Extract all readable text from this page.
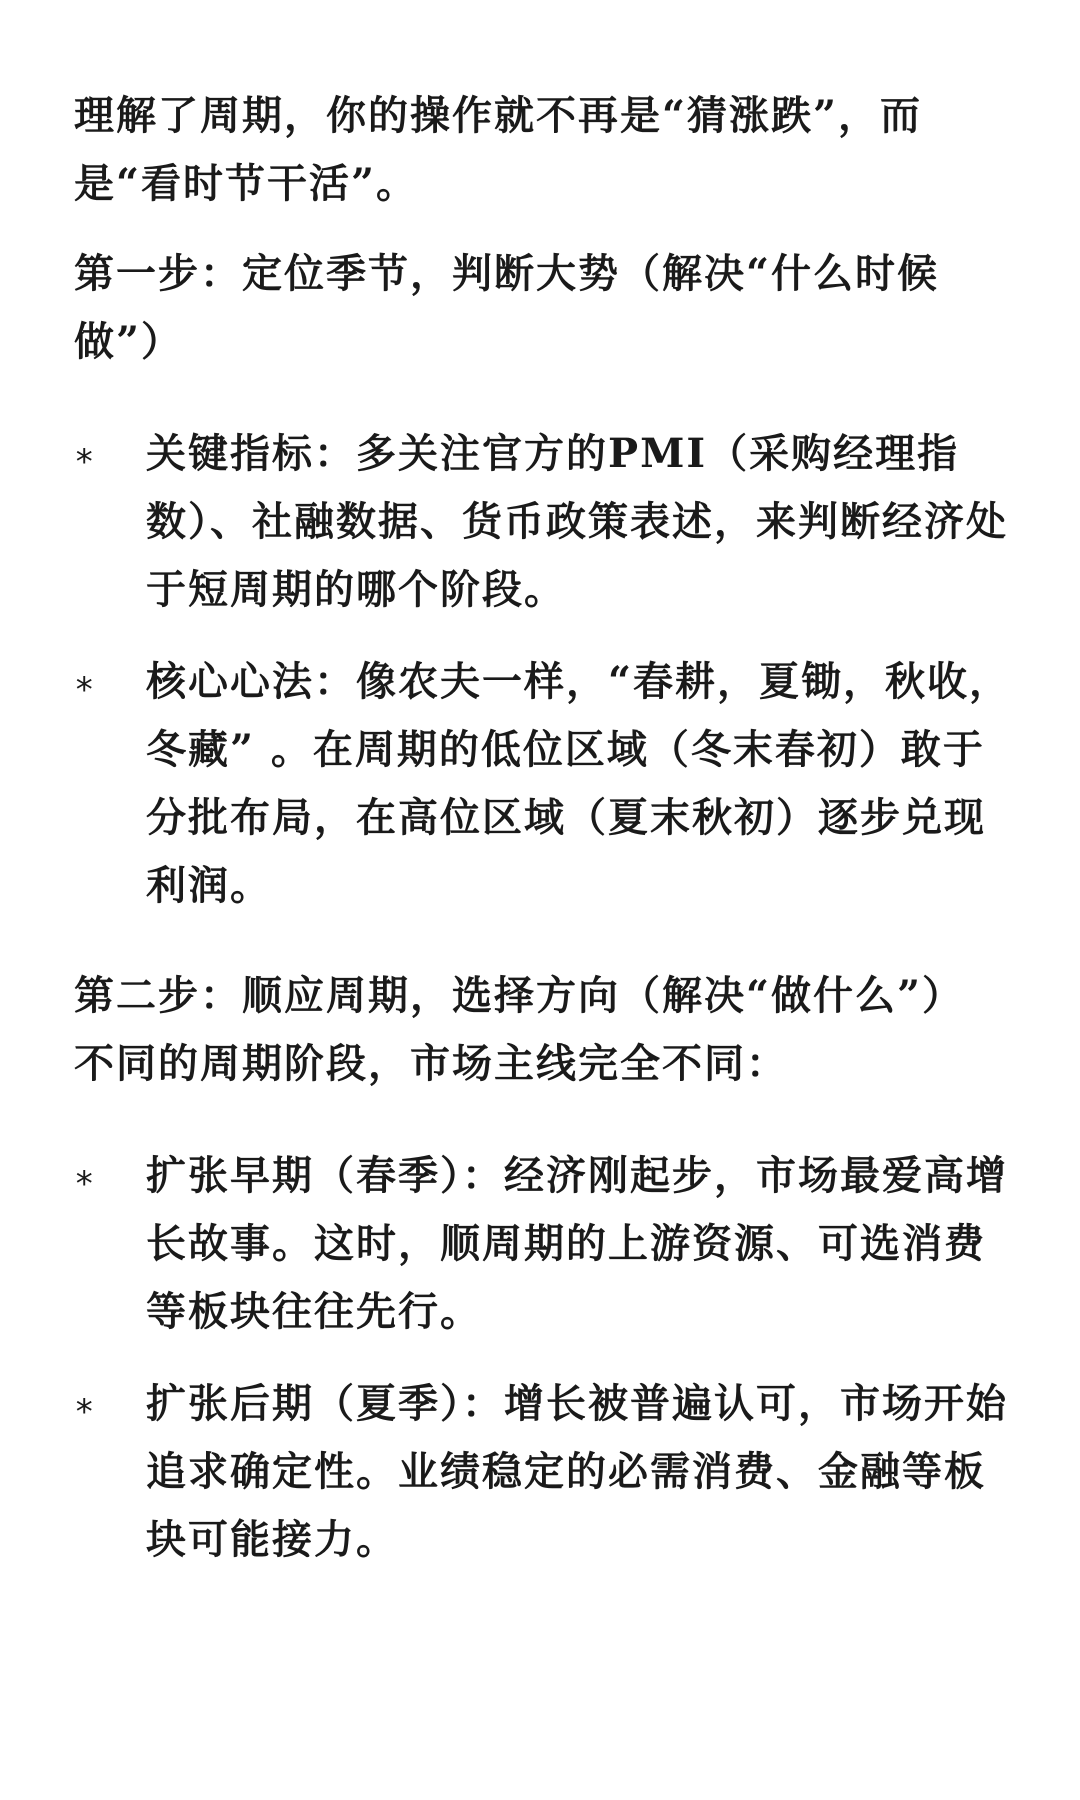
理解了周期，你的操作就不再是“猜涨跌”，而是“看时节干活”。

第一步：定位季节，判断大势（解决“什么时候做”）

* 关键指标：多关注官方的PMI（采购经理指数）、社融数据、货币政策表述，来判断经济处于短周期的哪个阶段。
* 核心心法：像农夫一样，“春耕，夏锄，秋收，冬藏” 。在周期的低位区域（冬末春初）敢于分批布局，在高位区域（夏末秋初）逐步兑现利润。

第二步：顺应周期，选择方向（解决“做什么”）

不同的周期阶段，市场主线完全不同：

* 扩张早期（春季）：经济刚起步，市场最爱高增长故事。这时，顺周期的上游资源、可选消费等板块往往先行。
* 扩张后期（夏季）：增长被普遍认可，市场开始追求确定性。业绩稳定的必需消费、金融等板块可能接力。
